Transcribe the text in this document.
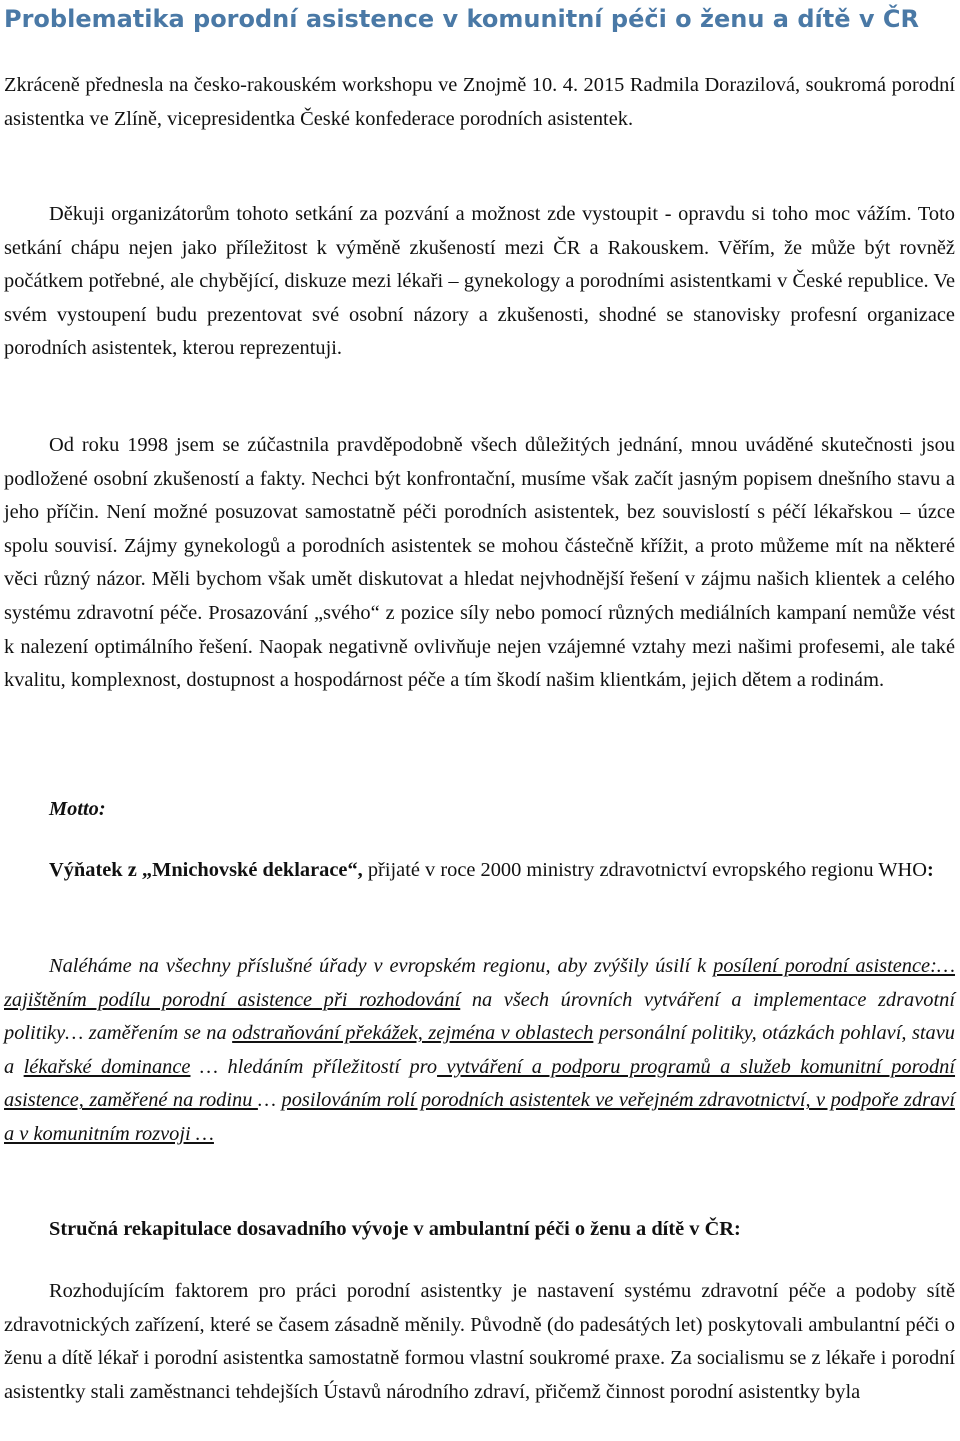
Problematika porodní asistence v komunitní péči o ženu a dítě v ČR

Zkráceně přednesla na česko-rakouském workshopu ve Znojmě 10. 4. 2015 Radmila Dorazilová, soukromá porodní asistentka ve Zlíně, vicepresidentka České konfederace porodních asistentek.

Děkuji organizátorům tohoto setkání za pozvání a možnost zde vystoupit - opravdu si toho moc vážím. Toto setkání chápu nejen jako příležitost k výměně zkušeností mezi ČR a Rakouskem. Věřím, že může být rovněž počátkem potřebné, ale chybějící, diskuze mezi lékaři – gynekology a porodními asistentkami v České republice. Ve svém vystoupení budu prezentovat své osobní názory a zkušenosti, shodné se stanovisky profesní organizace porodních asistentek, kterou reprezentuji.

Od roku 1998 jsem se zúčastnila pravděpodobně všech důležitých jednání, mnou uváděné skutečnosti jsou podložené osobní zkušeností a fakty. Nechci být konfrontační, musíme však začít jasným popisem dnešního stavu a jeho příčin. Není možné posuzovat samostatně péči porodních asistentek, bez souvislostí s péčí lékařskou – úzce spolu souvisí. Zájmy gynekologů a porodních asistentek se mohou částečně křížit, a proto můžeme mít na některé věci různý názor. Měli bychom však umět diskutovat a hledat nejvhodnější řešení v zájmu našich klientek a celého systému zdravotní péče. Prosazování „svého“ z pozice síly nebo pomocí různých mediálních kampaní nemůže vést k nalezení optimálního řešení. Naopak negativně ovlivňuje nejen vzájemné vztahy mezi našimi profesemi, ale také kvalitu, komplexnost, dostupnost a hospodárnost péče a tím škodí našim klientkám, jejich dětem a rodinám.

Motto:

Výňatek z „Mnichovské deklarace“, přijaté v roce 2000 ministry zdravotnictví evropského regionu WHO:

Naléháme na všechny příslušné úřady v evropském regionu, aby zvýšily úsilí k posílení porodní asistence:… zajištěním podílu porodní asistence při rozhodování na všech úrovních vytváření a implementace zdravotní politiky… zaměřením se na odstraňování překážek, zejména v oblastech personální politiky, otázkách pohlaví, stavu a lékařské dominance … hledáním příležitostí pro vytváření a podporu programů a služeb komunitní porodní asistence, zaměřené na rodinu … posilováním rolí porodních asistentek ve veřejném zdravotnictví, v podpoře zdraví a v komunitním rozvoji …

Stručná rekapitulace dosavadního vývoje v ambulantní péči o ženu a dítě v ČR:

Rozhodujícím faktorem pro práci porodní asistentky je nastavení systému zdravotní péče a podoby sítě zdravotnických zařízení, které se časem zásadně měnily. Původně (do padesátých let) poskytovali ambulantní péči o ženu a dítě lékař i porodní asistentka samostatně formou vlastní soukromé praxe. Za socialismu se z lékaře i porodní asistentky stali zaměstnanci tehdejších Ústavů národního zdraví, přičemž činnost porodní asistentky byla
